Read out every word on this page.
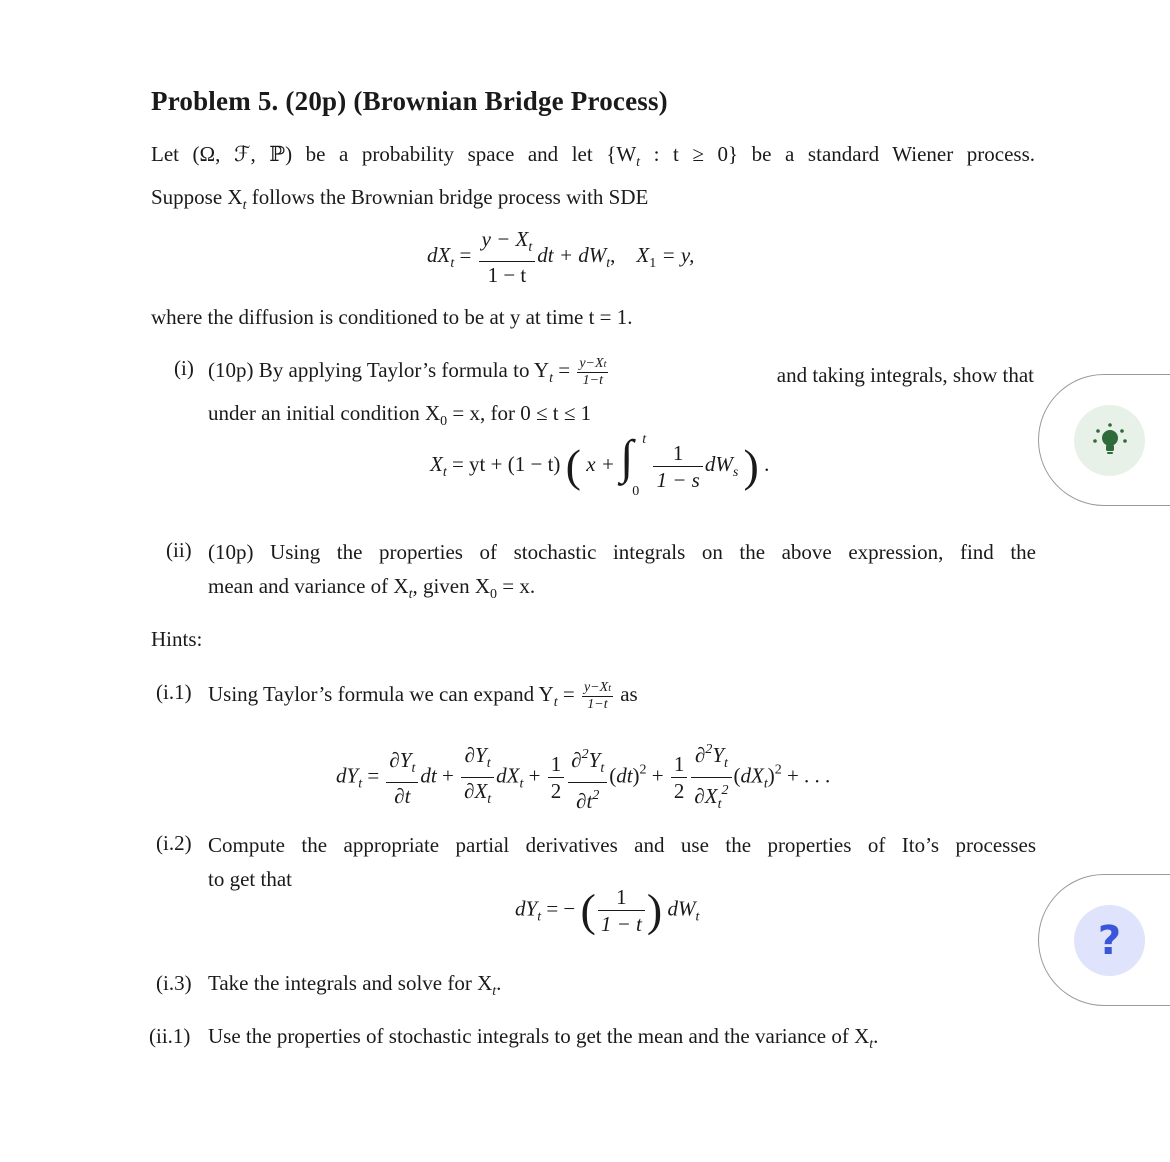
Problem 5. (20p) (Brownian Bridge Process)
Let (Ω, ℱ, ℙ) be a probability space and let {$W_t$ : t ≥ 0} be a standard Wiener process.
Suppose $X_t$ follows the Brownian bridge process with SDE
$dX_t = \frac{y - X_t}{1 - t}$ dt + $dW_t$,    $X_1 = y$,
where the diffusion is conditioned to be at y at time t = 1.
(i) (10p) By applying Taylor’s formula to $Y_t = \frac{y-Xt}{1-t}$	and taking integrals, show that
under an initial condition $X_0 = x$, for 0 ≤ t ≤ 1
$X_t$ = yt + (1 − t) ( x + ∫ t
0
$\frac{1}{1 - s} dW_s$ ) .
(ii) (10p) Using the properties of stochastic integrals on the above expression, find the
mean and variance of $X_t$, given $X_0 = x$.
Hints:
(i.1) Using Taylor’s formula we can expand $Y_t = \frac{y-Xt}{1-t}$ as
$dY_t = \frac{\partial Y_t}{\partial t}$ dt + $\frac{\partial Y_t}{\partial X_t} dX_t + \frac{1}{2} \frac{\partial^2Y_t}{\partial t^2} (dt)^2 + \frac{1}{2} \frac{\partial^2Y_t}{\partial X_t^2} (dX_t)^2$ + . . .
(i.2) Compute the appropriate partial derivatives and use the properties of Ito’s processes
to get that
$dY_t$ = − ( $\frac{1}{1 - t}$ ) $dW_t$
(i.3) Take the integrals and solve for $X_t$.
(ii.1) Use the properties of stochastic integrals to get the mean and the variance of $X_t$.
?
